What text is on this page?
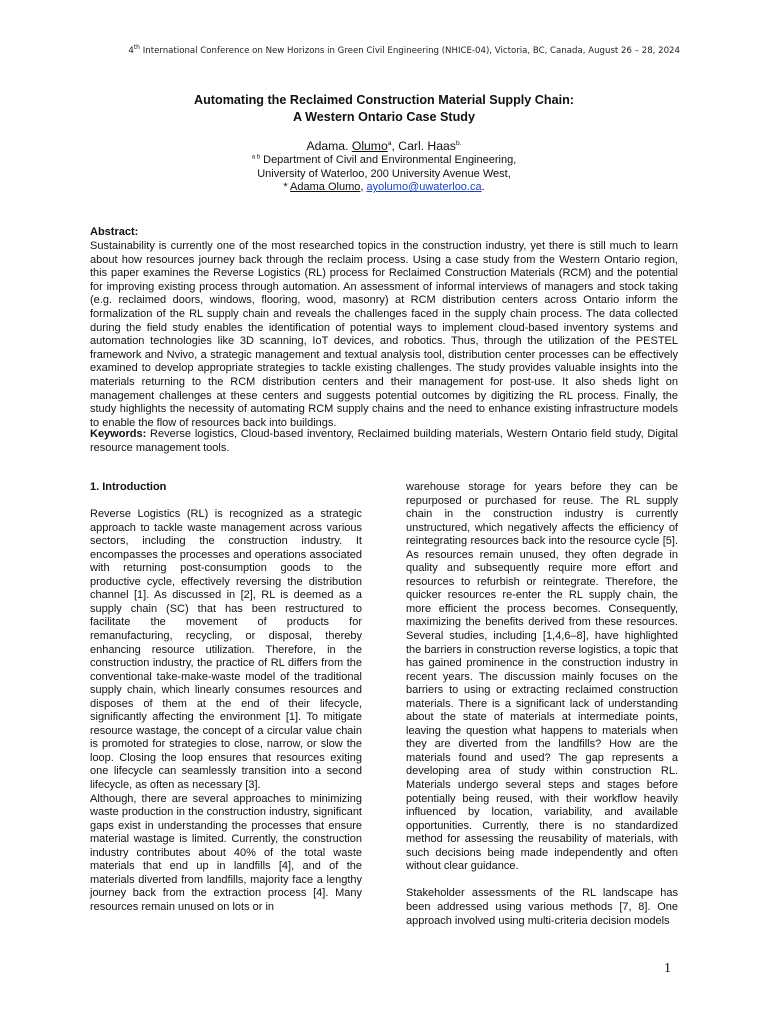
4th International Conference on New Horizons in Green Civil Engineering (NHICE-04), Victoria, BC, Canada, August 26 – 28, 2024
Automating the Reclaimed Construction Material Supply Chain:
A Western Ontario Case Study
Adama. Olumo$^a$, Carl. Haas$^{b.}$
$^{a b}$ Department of Civil and Environmental Engineering,
University of Waterloo, 200 University Avenue West,
* Adama Olumo, ayolumo@uwaterloo.ca.
Abstract:
Sustainability is currently one of the most researched topics in the construction industry, yet there is still much to learn about how resources journey back through the reclaim process. Using a case study from the Western Ontario region, this paper examines the Reverse Logistics (RL) process for Reclaimed Construction Materials (RCM) and the potential for improving existing process through automation. An assessment of informal interviews of managers and stock taking (e.g. reclaimed doors, windows, flooring, wood, masonry) at RCM distribution centers across Ontario inform the formalization of the RL supply chain and reveals the challenges faced in the supply chain process. The data collected during the field study enables the identification of potential ways to implement cloud-based inventory systems and automation technologies like 3D scanning, IoT devices, and robotics. Thus, through the utilization of the PESTEL framework and Nvivo, a strategic management and textual analysis tool, distribution center processes can be effectively examined to develop appropriate strategies to tackle existing challenges. The study provides valuable insights into the materials returning to the RCM distribution centers and their management for post-use. It also sheds light on management challenges at these centers and suggests potential outcomes by digitizing the RL process. Finally, the study highlights the necessity of automating RCM supply chains and the need to enhance existing infrastructure models to enable the flow of resources back into buildings.
Keywords: Reverse logistics, Cloud-based inventory, Reclaimed building materials, Western Ontario field study, Digital resource management tools.

1. Introduction

Reverse Logistics (RL) is recognized as a strategic approach to tackle waste management across various sectors, including the construction industry. It encompasses the processes and operations associated with returning post-consumption goods to the productive cycle, effectively reversing the distribution channel [1]. As discussed in [2], RL is deemed as a supply chain (SC) that has been restructured to facilitate the movement of products for remanufacturing, recycling, or disposal, thereby enhancing resource utilization. Therefore, in the construction industry, the practice of RL differs from the conventional take-make-waste model of the traditional supply chain, which linearly consumes resources and disposes of them at the end of their lifecycle, significantly affecting the environment [1]. To mitigate resource wastage, the concept of a circular value chain is promoted for strategies to close, narrow, or slow the loop. Closing the loop ensures that resources exiting one lifecycle can seamlessly transition into a second lifecycle, as often as necessary [3].

Although, there are several approaches to minimizing waste production in the construction industry, significant gaps exist in understanding the processes that ensure material wastage is limited. Currently, the construction industry contributes about 40% of the total waste materials that end up in landfills [4], and of the materials diverted from landfills, majority face a lengthy journey back from the extraction process [4]. Many resources remain unused on lots or in

warehouse storage for years before they can be repurposed or purchased for reuse. The RL supply chain in the construction industry is currently unstructured, which negatively affects the efficiency of reintegrating resources back into the resource cycle [5]. As resources remain unused, they often degrade in quality and subsequently require more effort and resources to refurbish or reintegrate. Therefore, the quicker resources re-enter the RL supply chain, the more efficient the process becomes. Consequently, maximizing the benefits derived from these resources. Several studies, including [1,4,6–8], have highlighted the barriers in construction reverse logistics, a topic that has gained prominence in the construction industry in recent years. The discussion mainly focuses on the barriers to using or extracting reclaimed construction materials. There is a significant lack of understanding about the state of materials at intermediate points, leaving the question what happens to materials when they are diverted from the landfills? How are the materials found and used? The gap represents a developing area of study within construction RL. Materials undergo several steps and stages before potentially being reused, with their workflow heavily influenced by location, variability, and available opportunities. Currently, there is no standardized method for assessing the reusability of materials, with such decisions being made independently and often without clear guidance.

Stakeholder assessments of the RL landscape has been addressed using various methods [7, 8]. One approach involved using multi-criteria decision models

1
